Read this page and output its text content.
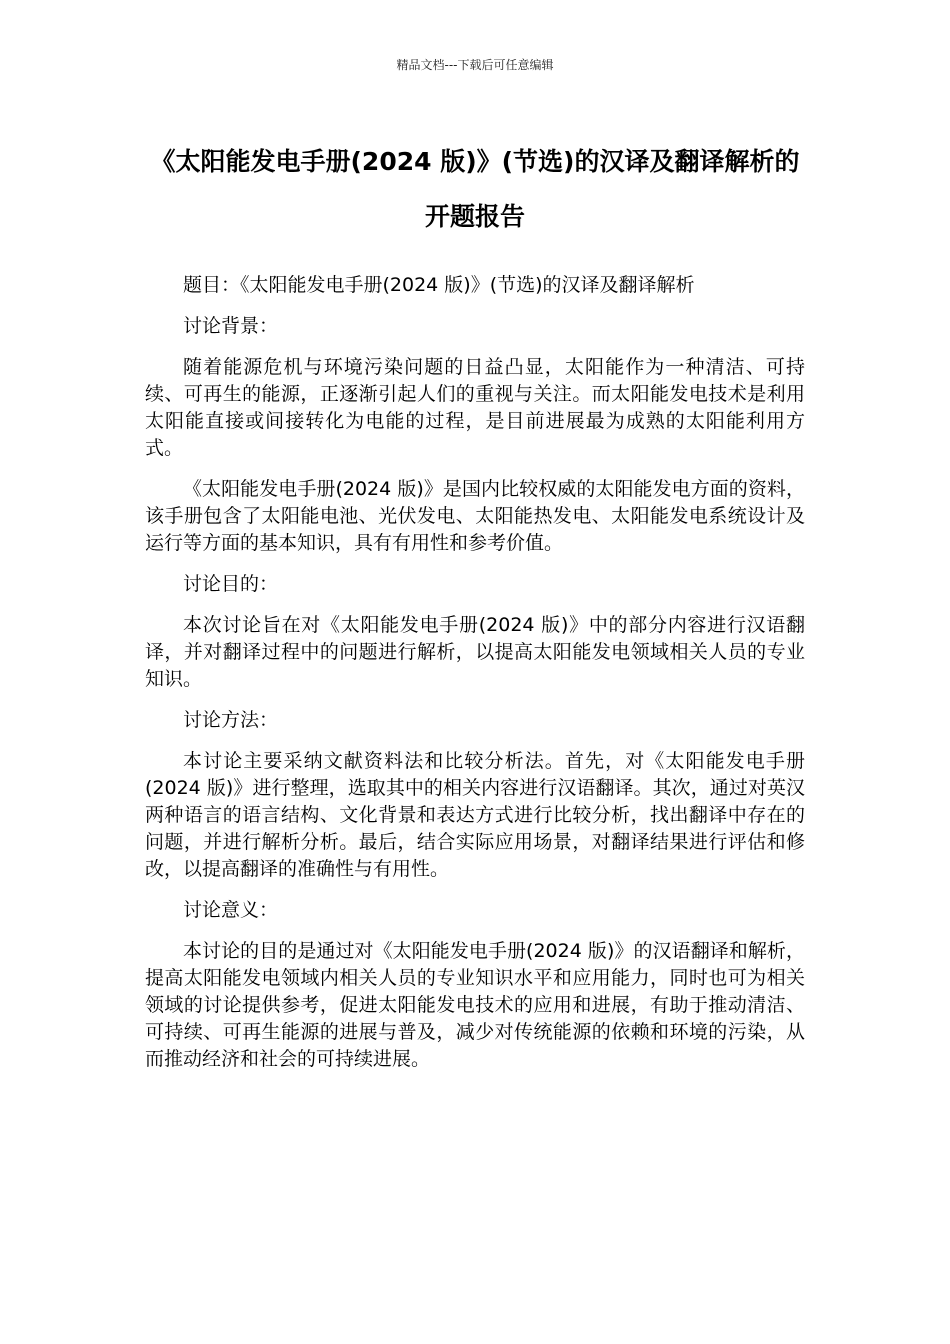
精品文档---下载后可任意编辑
《太阳能发电手册(2024 版)》(节选)的汉译及翻译解析的开题报告

题目：《太阳能发电手册(2024 版)》(节选)的汉译及翻译解析

讨论背景：

随着能源危机与环境污染问题的日益凸显，太阳能作为一种清洁、可持续、可再生的能源，正逐渐引起人们的重视与关注。而太阳能发电技术是利用太阳能直接或间接转化为电能的过程，是目前进展最为成熟的太阳能利用方式。

《太阳能发电手册(2024 版)》是国内比较权威的太阳能发电方面的资料，该手册包含了太阳能电池、光伏发电、太阳能热发电、太阳能发电系统设计及运行等方面的基本知识，具有有用性和参考价值。

讨论目的：

本次讨论旨在对《太阳能发电手册(2024 版)》中的部分内容进行汉语翻译，并对翻译过程中的问题进行解析，以提高太阳能发电领域相关人员的专业知识。

讨论方法：

本讨论主要采纳文献资料法和比较分析法。首先，对《太阳能发电手册(2024 版)》进行整理，选取其中的相关内容进行汉语翻译。其次，通过对英汉两种语言的语言结构、文化背景和表达方式进行比较分析，找出翻译中存在的问题，并进行解析分析。最后，结合实际应用场景，对翻译结果进行评估和修改，以提高翻译的准确性与有用性。

讨论意义：

本讨论的目的是通过对《太阳能发电手册(2024 版)》的汉语翻译和解析，提高太阳能发电领域内相关人员的专业知识水平和应用能力，同时也可为相关领域的讨论提供参考，促进太阳能发电技术的应用和进展，有助于推动清洁、可持续、可再生能源的进展与普及，减少对传统能源的依赖和环境的污染，从而推动经济和社会的可持续进展。
